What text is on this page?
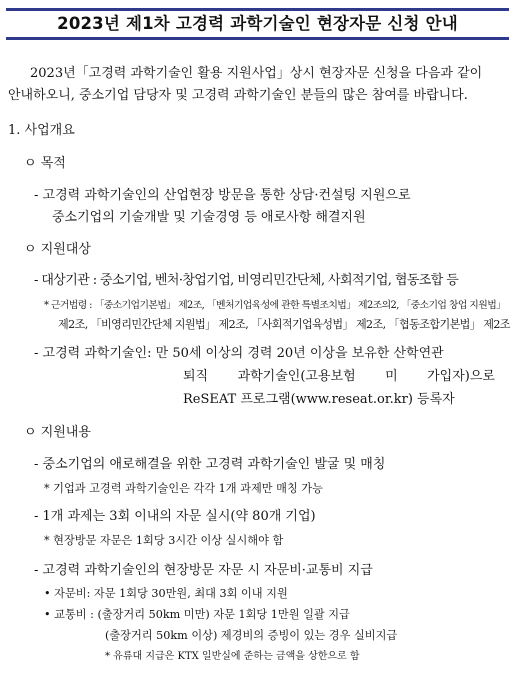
2023년 제1차 고경력 과학기술인 현장자문 신청 안내
2023년「고경력 과학기술인 활용 지원사업」상시 현장자문 신청을 다음과 같이
안내하오니, 중소기업 담당자 및 고경력 과학기술인 분들의 많은 참여를 바랍니다.
1. 사업개요
ㅇ 목적
- 고경력 과학기술인의 산업현장 방문을 통한 상담·컨설팅 지원으로
중소기업의 기술개발 및 기술경영 등 애로사항 해결지원
ㅇ 지원대상
- 대상기관 : 중소기업, 벤처·창업기업, 비영리민간단체, 사회적기업, 협동조합 등
* 근거법령 : 「중소기업기본법」 제2조, 「벤처기업육성에 관한 특별조치법」 제2조의2, 「중소기업 창업 지원법」
제2조, 「비영리민간단체 지원법」 제2조, 「사회적기업육성법」 제2조, 「협동조합기본법」 제2조
- 고경력 과학기술인: 만 50세 이상의 경력 20년 이상을 보유한 산학연관
퇴직 과학기술인(고용보험 미 가입자)으로
ReSEAT 프로그램(www.reseat.or.kr) 등록자
ㅇ 지원내용
- 중소기업의 애로해결을 위한 고경력 과학기술인 발굴 및 매칭
* 기업과 고경력 과학기술인은 각각 1개 과제만 매칭 가능
- 1개 과제는 3회 이내의 자문 실시(약 80개 기업)
* 현장방문 자문은 1회당 3시간 이상 실시해야 함
- 고경력 과학기술인의 현장방문 자문 시 자문비·교통비 지급
• 자문비: 자문 1회당 30만원, 최대 3회 이내 지원
• 교통비 : (출장거리 50km 미만) 자문 1회당 1만원 일괄 지급
(출장거리 50km 이상) 제경비의 증빙이 있는 경우 실비지급
* 유류대 지급은 KTX 일반실에 준하는 금액을 상한으로 함
